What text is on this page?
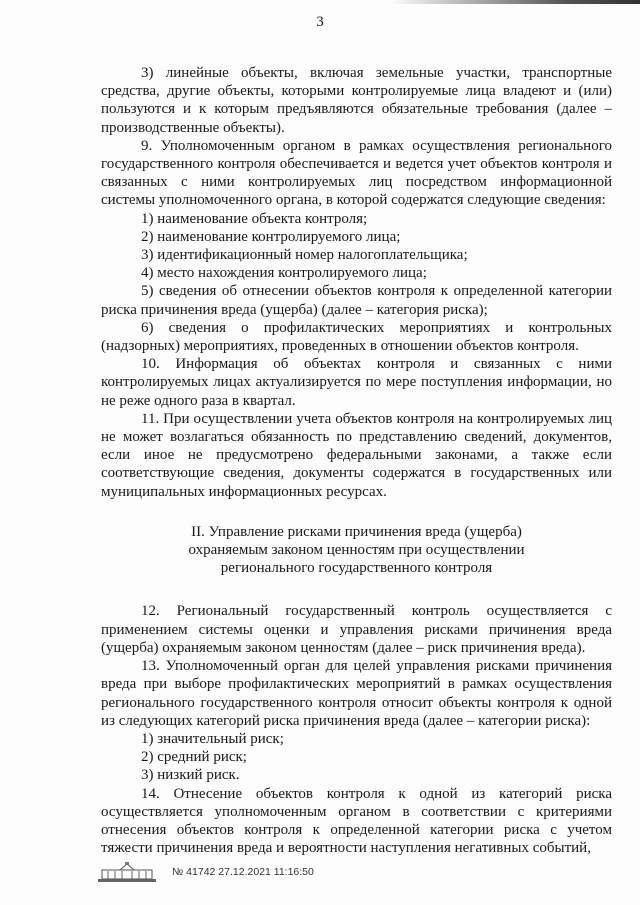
3

3) линейные объекты, включая земельные участки, транспортные средства, другие объекты, которыми контролируемые лица владеют и (или) пользуются и к которым предъявляются обязательные требования (далее – производственные объекты).

9. Уполномоченным органом в рамках осуществления регионального государственного контроля обеспечивается и ведется учет объектов контроля и связанных с ними контролируемых лиц посредством информационной системы уполномоченного органа, в которой содержатся следующие сведения:

1) наименование объекта контроля;

2) наименование контролируемого лица;

3) идентификационный номер налогоплательщика;

4) место нахождения контролируемого лица;

5) сведения об отнесении объектов контроля к определенной категории риска причинения вреда (ущерба) (далее – категория риска);

6) сведения о профилактических мероприятиях и контрольных (надзорных) мероприятиях, проведенных в отношении объектов контроля.

10. Информация об объектах контроля и связанных с ними контролируемых лицах актуализируется по мере поступления информации, но не реже одного раза в квартал.

11. При осуществлении учета объектов контроля на контролируемых лиц не может возлагаться обязанность по представлению сведений, документов, если иное не предусмотрено федеральными законами, а также если соответствующие сведения, документы содержатся в государственных или муниципальных информационных ресурсах.

II. Управление рисками причинения вреда (ущерба)
охраняемым законом ценностям при осуществлении
регионального государственного контроля

12. Региональный государственный контроль осуществляется с применением системы оценки и управления рисками причинения вреда (ущерба) охраняемым законом ценностям (далее – риск причинения вреда).

13. Уполномоченный орган для целей управления рисками причинения вреда при выборе профилактических мероприятий в рамках осуществления регионального государственного контроля относит объекты контроля к одной из следующих категорий риска причинения вреда (далее – категории риска):

1) значительный риск;

2) средний риск;

3) низкий риск.

14. Отнесение объектов контроля к одной из категорий риска осуществляется уполномоченным органом в соответствии с критериями отнесения объектов контроля к определенной категории риска с учетом тяжести причинения вреда и вероятности наступления негативных событий,

№ 41742 27.12.2021 11:16:50
